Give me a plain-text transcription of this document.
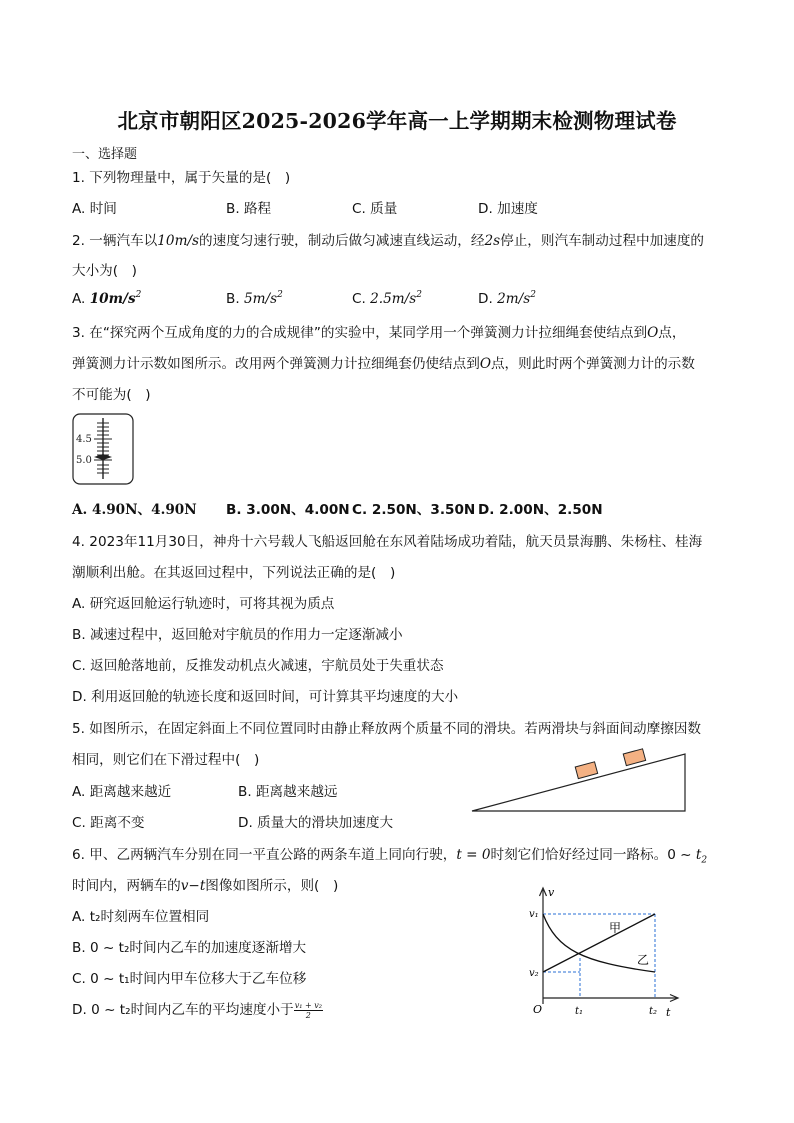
北京市朝阳区2025-2026学年高一上学期期末检测物理试卷
一、选择题
1. 下列物理量中，属于矢量的是(　)
A. 时间	B. 路程	C. 质量	D. 加速度
2. 一辆汽车以10m/s的速度匀速行驶，制动后做匀减速直线运动，经2s停止，则汽车制动过程中加速度的
大小为(　)
A. $10m/s^2$	B. $5m/s^2$	C. $2.5m/s^2$	D. $2m/s^2$
3. 在“探究两个互成角度的力的合成规律”的实验中，某同学用一个弹簧测力计拉细绳套使结点到O点，
弹簧测力计示数如图所示。改用两个弹簧测力计拉细绳套仍使结点到O点，则此时两个弹簧测力计的示数
不可能为(　)
4.5
5.0
A. 4.90N、4.90N B. 3.00N、4.00N C. 2.50N、3.50N D. 2.00N、2.50N
4. 2023年11月30日，神舟十六号载人飞船返回舱在东风着陆场成功着陆，航天员景海鹏、朱杨柱、桂海
潮顺利出舱。在其返回过程中，下列说法正确的是(　)
A. 研究返回舱运行轨迹时，可将其视为质点
B. 减速过程中，返回舱对宇航员的作用力一定逐渐减小
C. 返回舱落地前，反推发动机点火减速，宇航员处于失重状态
D. 利用返回舱的轨迹长度和返回时间，可计算其平均速度的大小
5. 如图所示，在固定斜面上不同位置同时由静止释放两个质量不同的滑块。若两滑块与斜面间动摩擦因数
相同，则它们在下滑过程中(　)
A. 距离越来越近	B. 距离越来越远
C. 距离不变	D. 质量大的滑块加速度大
6. 甲、乙两辆汽车分别在同一平直公路的两条车道上同向行驶，t = 0时刻它们恰好经过同一路标。0 ~ $t_2$
时间内，两辆车的v−t图像如图所示，则(　)
A. t₂时刻两车位置相同
B. 0 ~ t₂时间内乙车的加速度逐渐增大
C. 0 ~ t₁时间内甲车位移大于乙车位移
D. 0 ~ t₂时间内乙车的平均速度小于 $\frac{\text{v₁ + v₂}}{2}$
v
t
O
v₁
v₂
t₁	t₂
甲
乙
